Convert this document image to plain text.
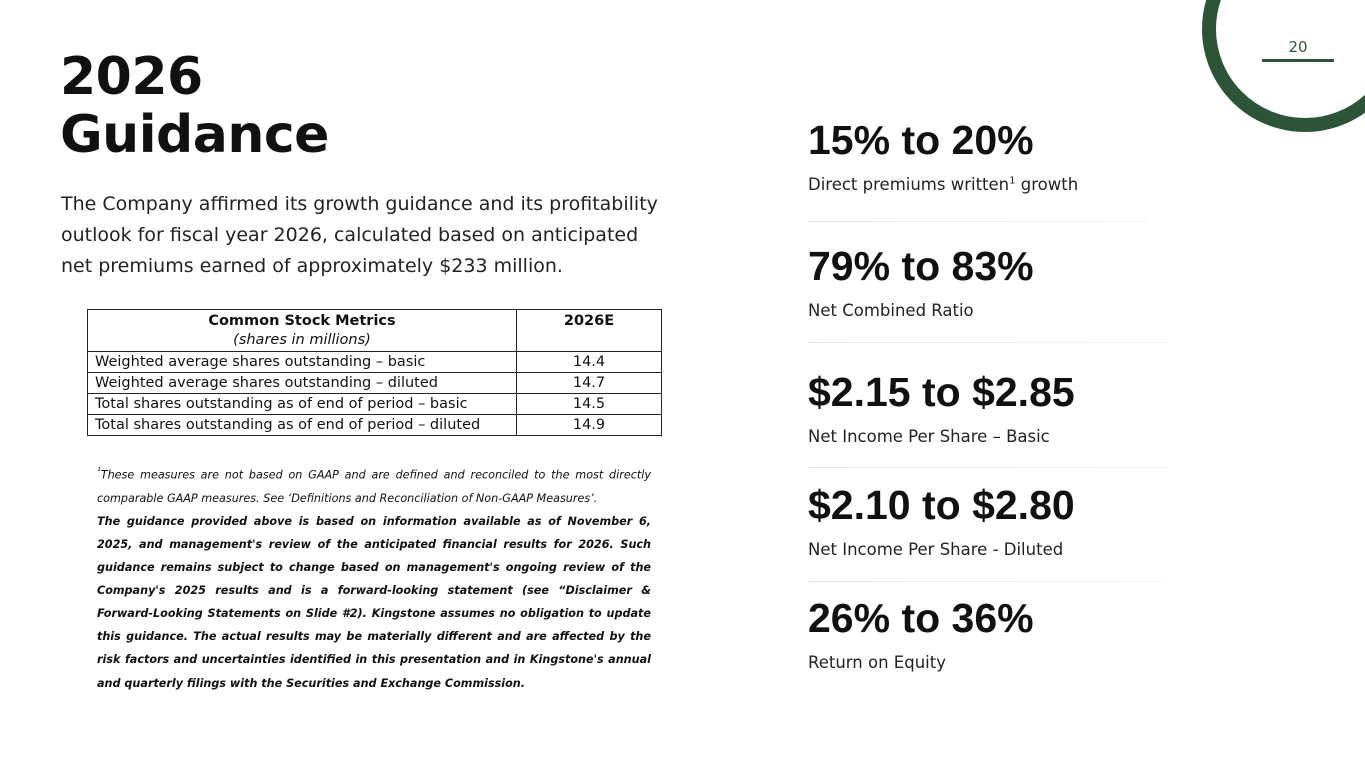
20
2026
Guidance

The Company affirmed its growth guidance and its profitability outlook for fiscal year 2026, calculated based on anticipated net premiums earned of approximately $233 million.

Common Stock Metrics
(shares in millions)	2026E
Weighted average shares outstanding – basic	14.4
Weighted average shares outstanding – diluted	14.7
Total shares outstanding as of end of period – basic	14.5
Total shares outstanding as of end of period – diluted	14.9

$^{^1}$These measures are not based on GAAP and are defined and reconciled to the most directly comparable GAAP measures. See ‘Definitions and Reconciliation of Non-GAAP Measures’.

The guidance provided above is based on information available as of November 6, 2025, and management's review of the anticipated financial results for 2026. Such guidance remains subject to change based on management's ongoing review of the Company's 2025 results and is a forward-looking statement (see “Disclaimer & Forward-Looking Statements on Slide #2). Kingstone assumes no obligation to update this guidance. The actual results may be materially different and are affected by the risk factors and uncertainties identified in this presentation and in Kingstone's annual and quarterly filings with the Securities and Exchange Commission.

15% to 20%
Direct premiums written$^1$ growth
79% to 83%
Net Combined Ratio
$2.15 to $2.85
Net Income Per Share – Basic
$2.10 to $2.80
Net Income Per Share - Diluted
26% to 36%
Return on Equity
